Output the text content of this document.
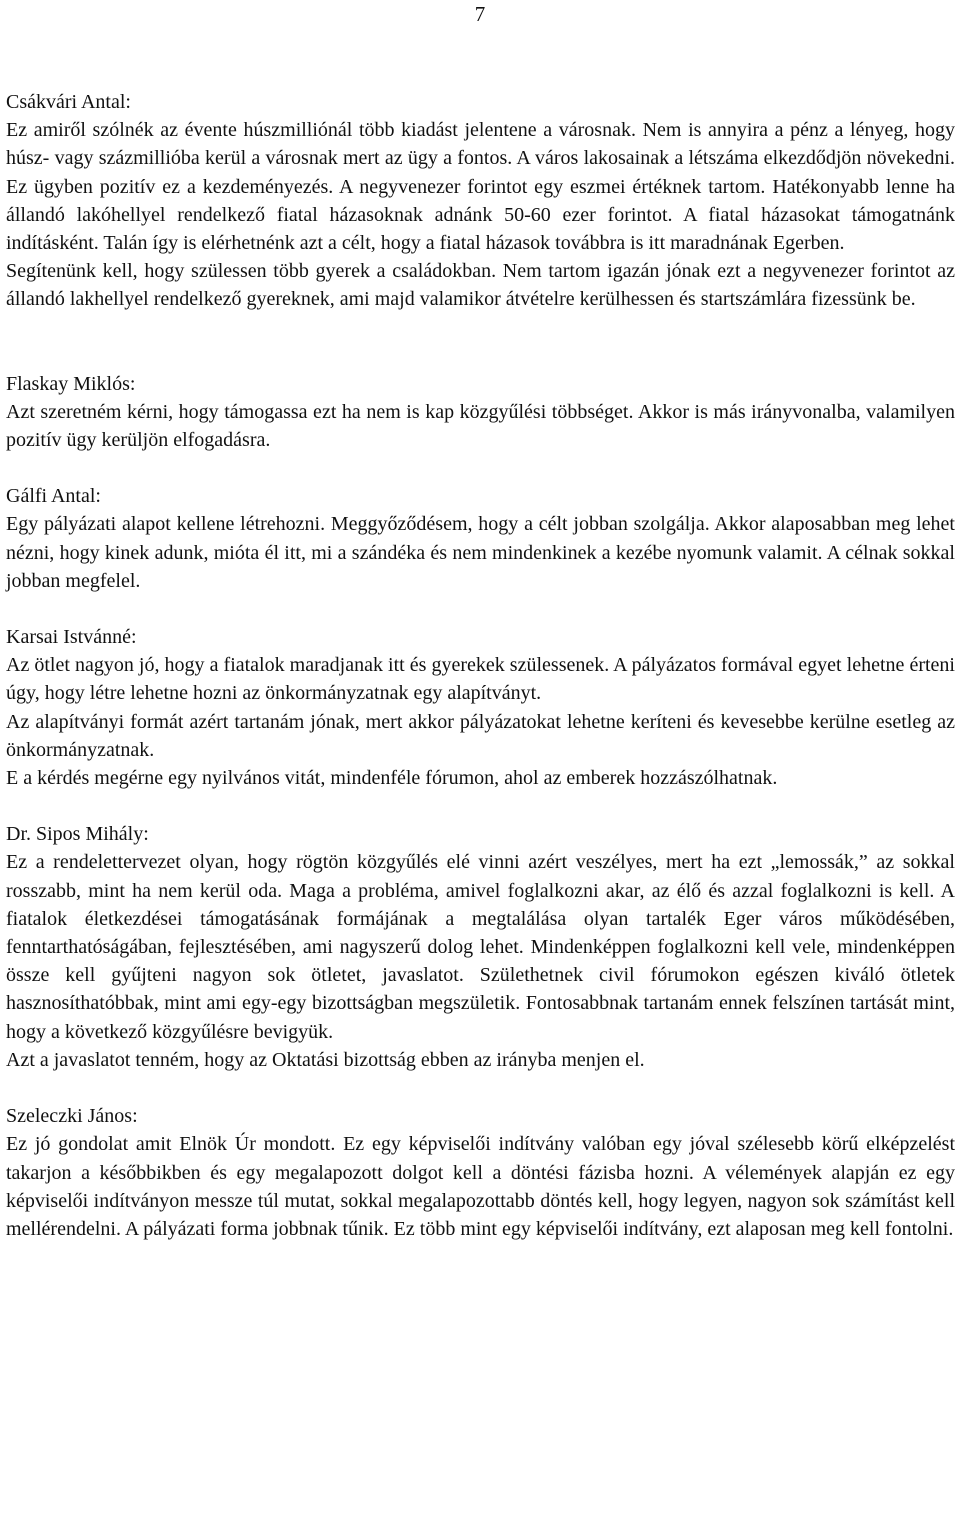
7
Csákvári Antal:

Ez amiről szólnék az évente húszmilliónál több kiadást jelentene a városnak. Nem is annyira a pénz a lényeg, hogy húsz- vagy százmillióba kerül a városnak mert az ügy a fontos. A város lakosainak a létszáma elkezdődjön növekedni. Ez ügyben pozitív ez a kezdeményezés. A negyvenezer forintot egy eszmei értéknek tartom. Hatékonyabb lenne ha állandó lakóhellyel rendelkező fiatal házasoknak adnánk 50-60 ezer forintot. A fiatal házasokat támogatnánk indításként. Talán így is elérhetnénk azt a célt, hogy a fiatal házasok továbbra is itt maradnának Egerben.

Segítenünk kell, hogy szülessen több gyerek a családokban. Nem tartom igazán jónak ezt a negyvenezer forintot az állandó lakhellyel rendelkező gyereknek, ami majd valamikor átvételre kerülhessen és startszámlára fizessünk be.

Flaskay Miklós:

Azt szeretném kérni, hogy támogassa ezt ha nem is kap közgyűlési többséget. Akkor is más irányvonalba, valamilyen pozitív ügy kerüljön elfogadásra.

Gálfi Antal:

Egy pályázati alapot kellene létrehozni. Meggyőződésem, hogy a célt jobban szolgálja. Akkor alaposabban meg lehet nézni, hogy kinek adunk, mióta él itt, mi a szándéka és nem mindenkinek a kezébe nyomunk valamit. A célnak sokkal jobban megfelel.

Karsai Istvánné:

Az ötlet nagyon jó, hogy a fiatalok maradjanak itt és gyerekek szülessenek. A pályázatos formával egyet lehetne érteni úgy, hogy létre lehetne hozni az önkormányzatnak egy alapítványt.

Az alapítványi formát azért tartanám jónak, mert akkor pályázatokat lehetne keríteni és kevesebbe kerülne esetleg az önkormányzatnak.

E a kérdés megérne egy nyilvános vitát, mindenféle fórumon, ahol az emberek hozzászólhatnak.

Dr. Sipos Mihály:

Ez a rendelettervezet olyan, hogy rögtön közgyűlés elé vinni azért veszélyes, mert ha ezt „lemossák,” az sokkal rosszabb, mint ha nem kerül oda. Maga a probléma, amivel foglalkozni akar, az élő és azzal foglalkozni is kell. A fiatalok életkezdései támogatásának formájának a megtalálása olyan tartalék Eger város működésében, fenntarthatóságában, fejlesztésében, ami nagyszerű dolog lehet. Mindenképpen foglalkozni kell vele, mindenképpen össze kell gyűjteni nagyon sok ötletet, javaslatot. Születhetnek civil fórumokon egészen kiváló ötletek hasznosíthatóbbak, mint ami egy-egy bizottságban megszületik. Fontosabbnak tartanám ennek felszínen tartását mint, hogy a következő közgyűlésre bevigyük.

Azt a javaslatot tenném, hogy az Oktatási bizottság ebben az irányba menjen el.

Szeleczki János:

Ez jó gondolat amit Elnök Úr mondott. Ez egy képviselői indítvány valóban egy jóval szélesebb körű elképzelést takarjon a későbbikben és egy megalapozott dolgot kell a döntési fázisba hozni. A vélemények alapján ez egy képviselői indítványon messze túl mutat, sokkal megalapozottabb döntés kell, hogy legyen, nagyon sok számítást kell mellérendelni. A pályázati forma jobbnak tűnik. Ez több mint egy képviselői indítvány, ezt alaposan meg kell fontolni.
